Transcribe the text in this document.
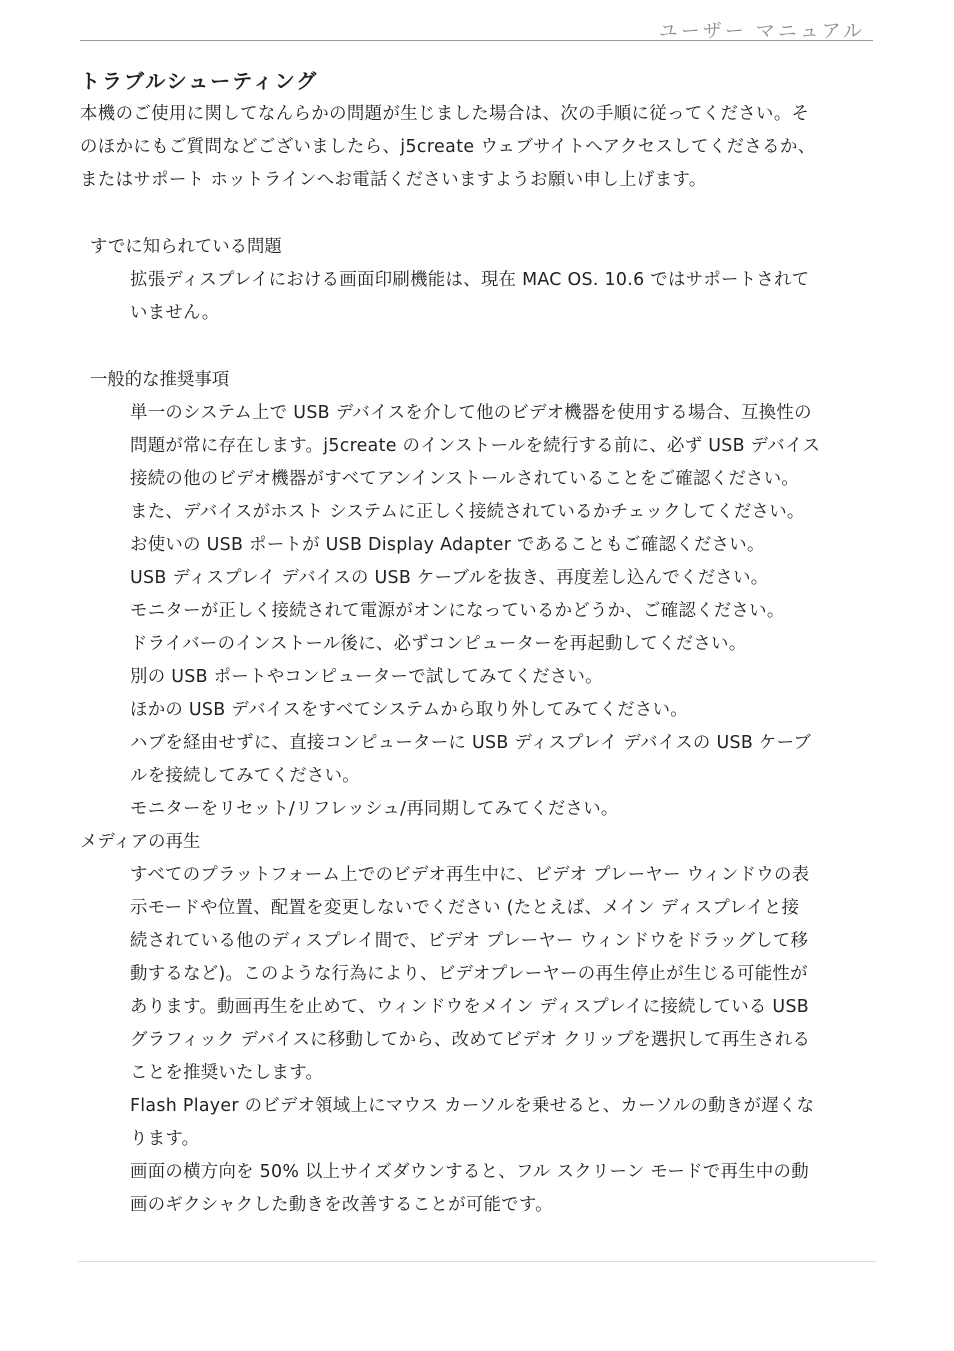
ユーザー マニュアル
トラブルシューティング

本機のご使用に関してなんらかの問題が生じました場合は、次の手順に従ってください。そ

のほかにもご質問などございましたら、j5create ウェブサイトへアクセスしてくださるか、

またはサポート ホットラインへお電話くださいますようお願い申し上げます。

すでに知られている問題

拡張ディスプレイにおける画面印刷機能は、現在 MAC OS. 10.6 ではサポートされて

いません。

一般的な推奨事項

単一のシステム上で USB デバイスを介して他のビデオ機器を使用する場合、互換性の

問題が常に存在します。j5create のインストールを続行する前に、必ず USB デバイス

接続の他のビデオ機器がすべてアンインストールされていることをご確認ください。

また、デバイスがホスト システムに正しく接続されているかチェックしてください。

お使いの USB ポートが USB Display Adapter であることもご確認ください。

USB ディスプレイ デバイスの USB ケーブルを抜き、再度差し込んでください。

モニターが正しく接続されて電源がオンになっているかどうか、ご確認ください。

ドライバーのインストール後に、必ずコンピューターを再起動してください。

別の USB ポートやコンピューターで試してみてください。

ほかの USB デバイスをすべてシステムから取り外してみてください。

ハブを経由せずに、直接コンピューターに USB ディスプレイ デバイスの USB ケーブ

ルを接続してみてください。

モニターをリセット/リフレッシュ/再同期してみてください。

メディアの再生

すべてのプラットフォーム上でのビデオ再生中に、ビデオ プレーヤー ウィンドウの表

示モードや位置、配置を変更しないでください (たとえば、メイン ディスプレイと接

続されている他のディスプレイ間で、ビデオ プレーヤー ウィンドウをドラッグして移

動するなど)。このような行為により、ビデオプレーヤーの再生停止が生じる可能性が

あります。動画再生を止めて、ウィンドウをメイン ディスプレイに接続している USB

グラフィック デバイスに移動してから、改めてビデオ クリップを選択して再生される

ことを推奨いたします。

Flash Player のビデオ領域上にマウス カーソルを乗せると、カーソルの動きが遅くな

ります。

画面の横方向を 50% 以上サイズダウンすると、フル スクリーン モードで再生中の動

画のギクシャクした動きを改善することが可能です。
